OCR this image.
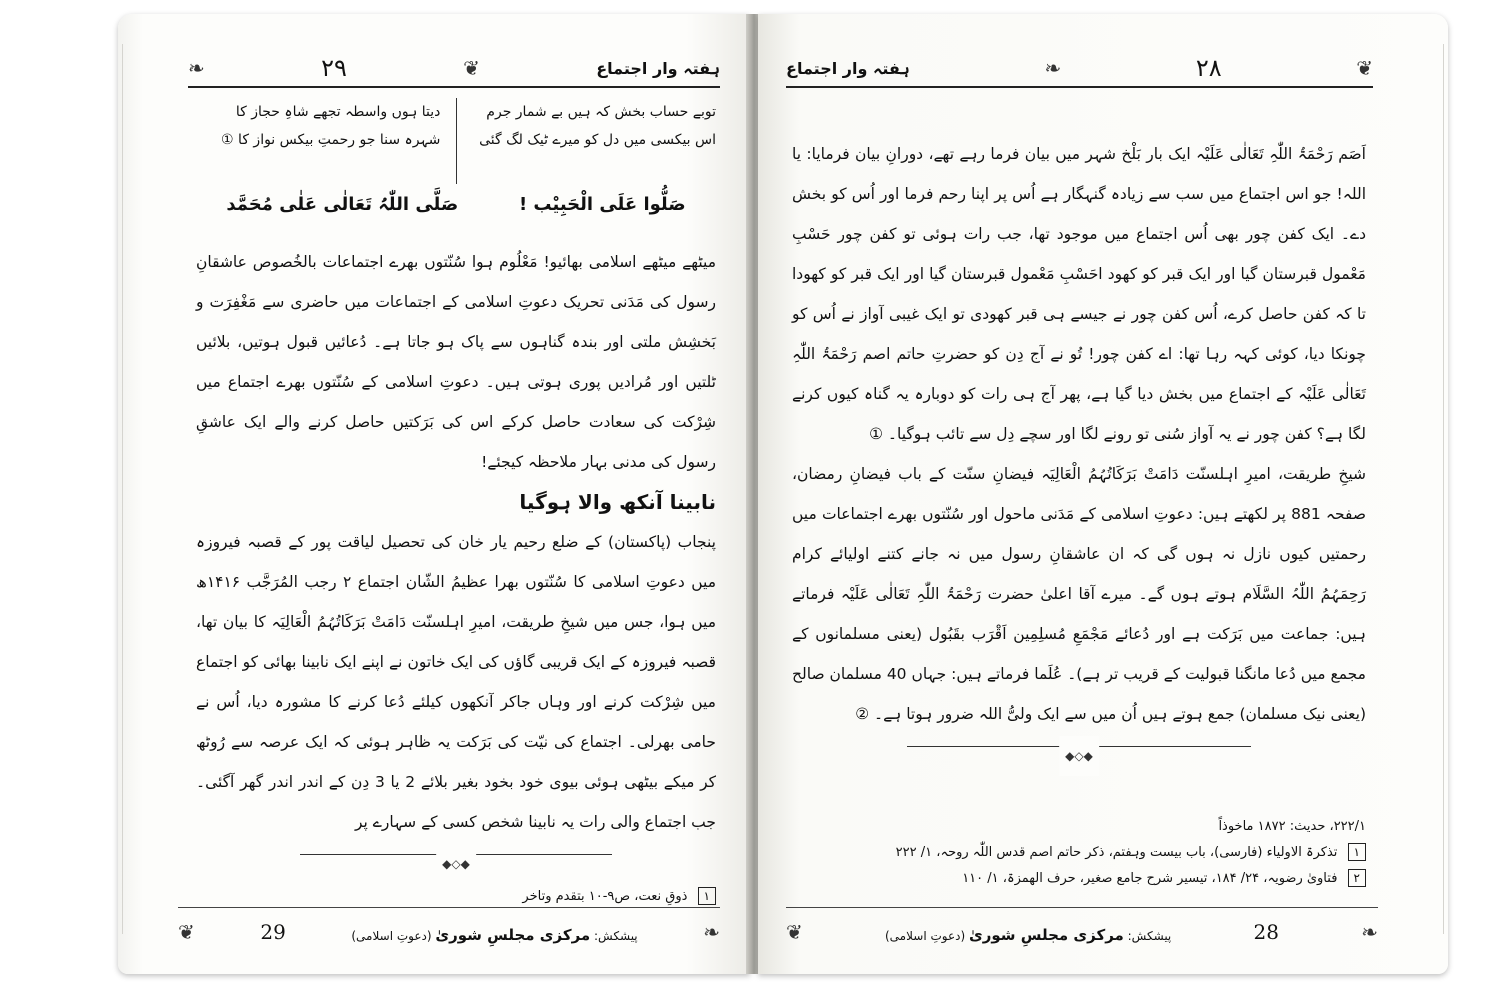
ہفتہ وار اجتماع
❦
۲۹
❧
توبے حساب بخش کہ ہیں بے شمار جرم
اس بیکسی میں دل کو میرے ٹیک لگ گئی
دیتا ہوں واسطہ تجھے شاہِ حجاز کا
شہرہ سنا جو رحمتِ بیکس نواز کا ①
صَلُّوا عَلَی الْحَبِیْب !
صَلَّی اللّٰہُ تَعَالٰی عَلٰی مُحَمَّد

میٹھے میٹھے اسلامی بھائیو! مَعْلُوم ہوا سُنّتوں بھرے اجتماعات بالخُصوص عاشقانِ رسول کی مَدَنی تحریک دعوتِ اسلامی کے اجتماعات میں حاضری سے مَغْفِرَت و بَخشِش ملتی اور بندہ گناہوں سے پاک ہو جاتا ہے۔ دُعائیں قبول ہوتیں، بلائیں ٹلتیں اور مُرادیں پوری ہوتی ہیں۔ دعوتِ اسلامی کے سُنّتوں بھرے اجتماع میں شِرْکت کی سعادت حاصل کرکے اس کی بَرَکتیں حاصل کرنے والے ایک عاشقِ رسول کی مدنی بہار ملاحظہ کیجئے!

نابینا آنکھ والا ہوگیا

پنجاب (پاکستان) کے ضلع رحیم یار خان کی تحصیل لیاقت پور کے قصبہ فیروزہ میں دعوتِ اسلامی کا سُنّتوں بھرا عظیمُ الشّان اجتماع ۲ رجب المُرَجَّب ۱۴۱۶ھ میں ہوا، جس میں شیخِ طریقت، امیرِ اہلسنّت دَامَتْ بَرَکَاتُہُمُ الْعَالِیَہ کا بیان تھا، قصبہ فیروزہ کے ایک قریبی گاؤں کی ایک خاتون نے اپنے ایک نابینا بھائی کو اجتماع میں شِرْکت کرنے اور وہاں جاکر آنکھوں کیلئے دُعا کرنے کا مشورہ دیا، اُس نے حامی بھرلی۔ اجتماع کی نیّت کی بَرَکت یہ ظاہر ہوئی کہ ایک عرصہ سے رُوٹھ کر میکے بیٹھی ہوئی بیوی خود بخود بغیر بلائے 2 یا 3 دِن کے اندر اندر گھر آگئی۔ جب اجتماع والی رات یہ نابینا شخص کسی کے سہارے پر

◆◇◆
۱ ذوقِ نعت، ص۹-۱۰ بتقدم وتاخر
❦	29	پیشکش: مرکزی مجلسِ شوریٰ (دعوتِ اسلامی)	❧
❦
۲۸
❧
ہفتہ وار اجتماع

اَصَم رَحْمَۃُ اللّٰہِ تَعَالٰی عَلَیْہ ایک بار بَلْخ شہر میں بیان فرما رہے تھے، دورانِ بیان فرمایا: یا اللہ! جو اس اجتماع میں سب سے زیادہ گنہگار ہے اُس پر اپنا رحم فرما اور اُس کو بخش دے۔ ایک کفن چور بھی اُس اجتماع میں موجود تھا، جب رات ہوئی تو کفن چور حَسْبِ مَعْمول قبرستان گیا اور ایک قبر کو کھود احَسْبِ مَعْمول قبرستان گیا اور ایک قبر کو کھودا تا کہ کفن حاصل کرے، اُس کفن چور نے جیسے ہی قبر کھودی تو ایک غیبی آواز نے اُس کو چونکا دیا، کوئی کہہ رہا تھا: اے کفن چور! تُو نے آج دِن کو حضرتِ حاتم اصم رَحْمَۃُ اللّٰہِ تَعَالٰی عَلَیْہ کے اجتماع میں بخش دیا گیا ہے، پھر آج ہی رات کو دوبارہ یہ گناہ کیوں کرنے لگا ہے؟ کفن چور نے یہ آواز سُنی تو رونے لگا اور سچے دِل سے تائب ہوگیا۔ ①

شیخِ طریقت، امیرِ اہلسنّت دَامَتْ بَرَکَاتُہُمُ الْعَالِیَہ فیضانِ سنّت کے باب فیضانِ رمضان، صفحہ 881 پر لکھتے ہیں: دعوتِ اسلامی کے مَدَنی ماحول اور سُنّتوں بھرے اجتماعات میں رحمتیں کیوں نازل نہ ہوں گی کہ ان عاشقانِ رسول میں نہ جانے کتنے اولیائے کرام رَحِمَہُمُ اللّٰہُ السَّلَام ہوتے ہوں گے۔ میرے آقا اعلیٰ حضرت رَحْمَۃُ اللّٰہِ تَعَالٰی عَلَیْہ فرماتے ہیں: جماعت میں بَرَکت ہے اور دُعائے مَجْمَعِ مُسلِمِین اَقْرَب بقَبُول (یعنی مسلمانوں کے مجمع میں دُعا مانگنا قبولیت کے قریب تر ہے)۔ عُلَما فرماتے ہیں: جہاں 40 مسلمان صالح (یعنی نیک مسلمان) جمع ہوتے ہیں اُن میں سے ایک ولیُّ اللہ ضرور ہوتا ہے۔ ②

◆◇◆
۲۲۲/۱، حدیث: ۱۸۷۲ ماخوذاً
۱ تذکرۃ الاولیاء (فارسی)، باب بیست وہفتم، ذکر حاتم اصم قدس اللّٰہ روحہ، ۱/ ۲۲۲
۲ فتاویٰ رضویہ، ۲۴/ ۱۸۴، تیسیر شرح جامع صغیر، حرف الھمزۃ، ۱/ ۱۱۰
❦	پیشکش: مرکزی مجلسِ شوریٰ (دعوتِ اسلامی)	28	❧
